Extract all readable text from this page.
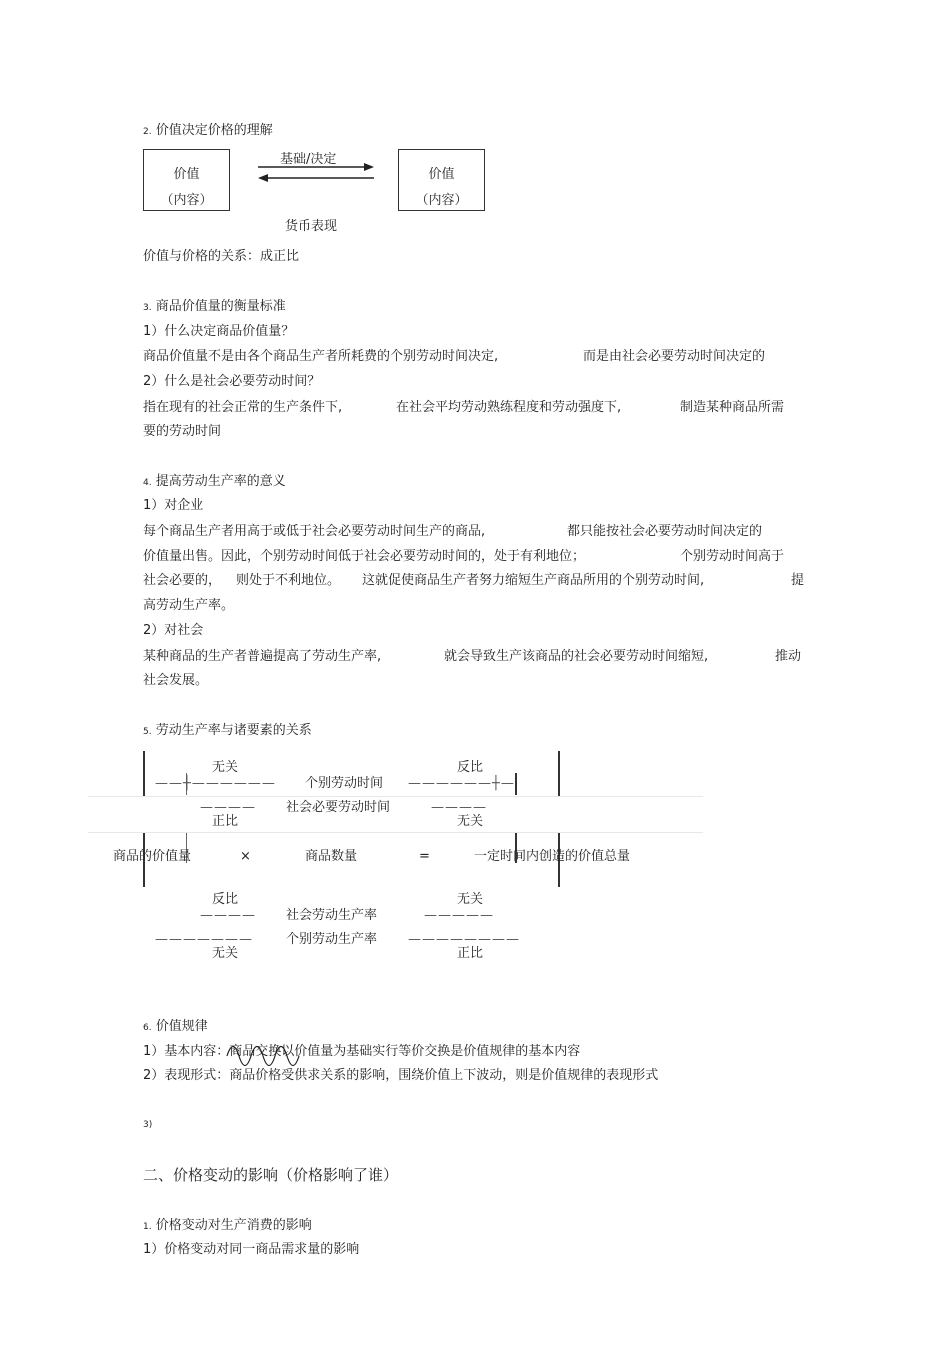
2. 价值决定价格的理解
价值
（内容）
价值
（内容）
基础/决定
货币表现
价值与价格的关系：成正比
3. 商品价值量的衡量标准
1）什么决定商品价值量？
商品价值量不是由各个商品生产者所耗费的个别劳动时间决定,	而是由社会必要劳动时间决定的
2）什么是社会必要劳动时间？
指在现有的社会正常的生产条件下,	在社会平均劳动熟练程度和劳动强度下,	制造某种商品所需
要的劳动时间
4. 提高劳动生产率的意义
1）对企业
每个商品生产者用高于或低于社会必要劳动时间生产的商品,	都只能按社会必要劳动时间决定的
价值量出售。因此，个别劳动时间低于社会必要劳动时间的，处于有利地位；	个别劳动时间高于
社会必要的， 则处于不利地位。 这就促使商品生产者努力缩短生产商品所用的个别劳动时间,	提
高劳动生产率。
2）对社会
某种商品的生产者普遍提高了劳动生产率,	就会导致生产该商品的社会必要劳动时间缩短,	推动
社会发展。
5. 劳动生产率与诸要素的关系
无关	反比
——┼—————— 个别劳动时间 ——————┼—
———— 社会必要劳动时间	————
正比	无关
商品的价值量	×	商品数量	=	一定时间内创造的价值总量
反比	无关
———— 社会劳动生产率	—————
———————	个别劳动生产率 ————————
无关	正比
6. 价值规律
1）基本内容：商品交换以价值量为基础实行等价交换是价值规律的基本内容
2）表现形式：商品价格受供求关系的影响，围绕价值上下波动，则是价值规律的表现形式
3)
二、价格变动的影响（价格影响了谁）
1. 价格变动对生产消费的影响
1）价格变动对同一商品需求量的影响
